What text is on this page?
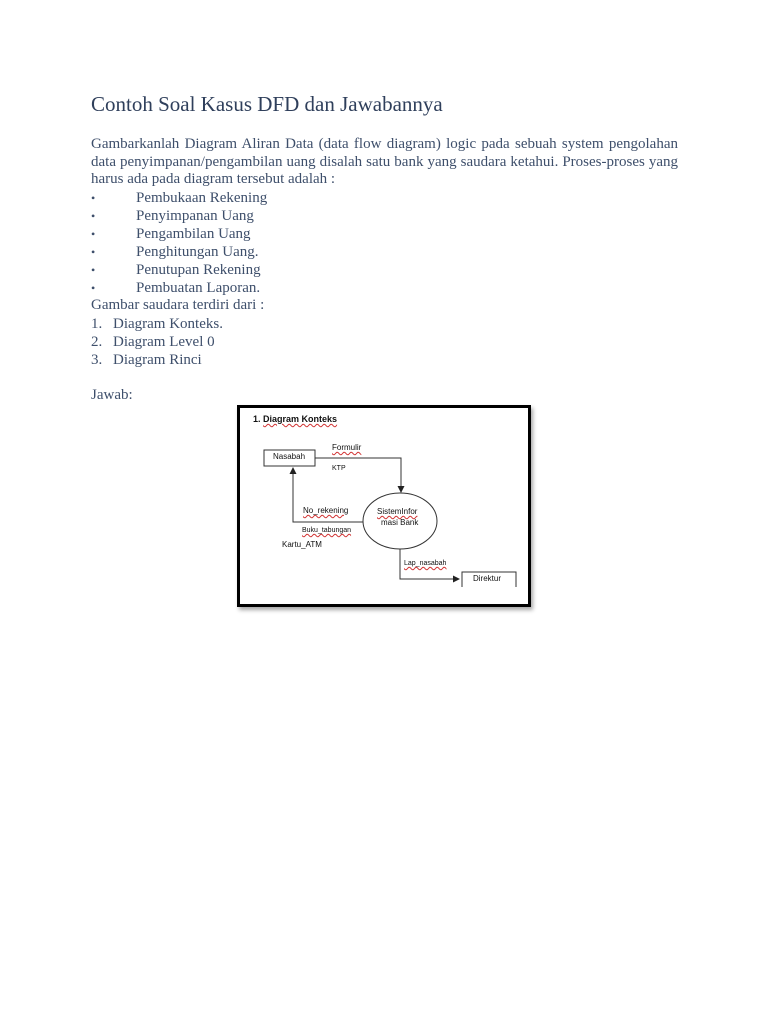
Contoh Soal Kasus DFD dan Jawabannya

Gambarkanlah Diagram Aliran Data (data flow diagram) logic pada sebuah system pengolahan data penyimpanan/pengambilan uang disalah satu bank yang saudara ketahui. Proses-proses yang harus ada pada diagram tersebut adalah :

•	Pembukaan Rekening
•	Penyimpanan Uang
•	Pengambilan Uang
•	Penghitungan Uang.
•	Penutupan Rekening
•	Pembuatan Laporan.
Gambar saudara terdiri dari :
1. Diagram Konteks.
2. Diagram Level 0
3. Diagram Rinci
Jawab:
1. Diagram Konteks
Nasabah
Formulir
KTP
SistemInfor
masi Bank
No_rekening
Buku_tabungan
Kartu_ATM
Lap_nasabah
Direktur
